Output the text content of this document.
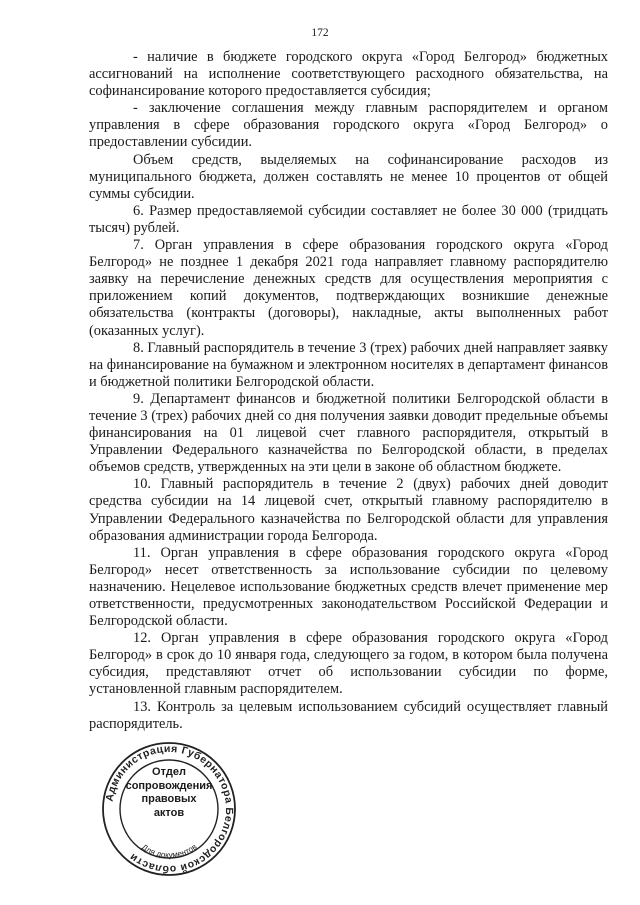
172

- наличие в бюджете городского округа «Город Белгород» бюджетных ассигнований на исполнение соответствующего расходного обязательства, на софинансирование которого предоставляется субсидия;

- заключение соглашения между главным распорядителем и органом управления в сфере образования городского округа «Город Белгород» о предоставлении субсидии.

Объем средств, выделяемых на софинансирование расходов из муниципального бюджета, должен составлять не менее 10 процентов от общей суммы субсидии.

6. Размер предоставляемой субсидии составляет не более 30 000 (тридцать тысяч) рублей.

7. Орган управления в сфере образования городского округа «Город Белгород» не позднее 1 декабря 2021 года направляет главному распорядителю заявку на перечисление денежных средств для осуществления мероприятия с приложением копий документов, подтверждающих возникшие денежные обязательства (контракты (договоры), накладные, акты выполненных работ (оказанных услуг).

8. Главный распорядитель в течение 3 (трех) рабочих дней направляет заявку на финансирование на бумажном и электронном носителях в департамент финансов и бюджетной политики Белгородской области.

9. Департамент финансов и бюджетной политики Белгородской области в течение 3 (трех) рабочих дней со дня получения заявки доводит предельные объемы финансирования на 01 лицевой счет главного распорядителя, открытый в Управлении Федерального казначейства по Белгородской области, в пределах объемов средств, утвержденных на эти цели в законе об областном бюджете.

10. Главный распорядитель в течение 2 (двух) рабочих дней доводит средства субсидии на 14 лицевой счет, открытый главному распорядителю в Управлении Федерального казначейства по Белгородской области для управления образования администрации города Белгорода.

11. Орган управления в сфере образования городского округа «Город Белгород» несет ответственность за использование субсидии по целевому назначению. Нецелевое использование бюджетных средств влечет применение мер ответственности, предусмотренных законодательством Российской Федерации и Белгородской области.

12. Орган управления в сфере образования городского округа «Город Белгород» в срок до 10 января года, следующего за годом, в котором была получена субсидия, представляют отчет об использовании субсидии по форме, установленной главным распорядителем.

13. Контроль за целевым использованием субсидий осуществляет главный распорядитель.

Администрация Губернатора Белгородской области
Для документов
Отдел
сопровождения
правовых
актов
